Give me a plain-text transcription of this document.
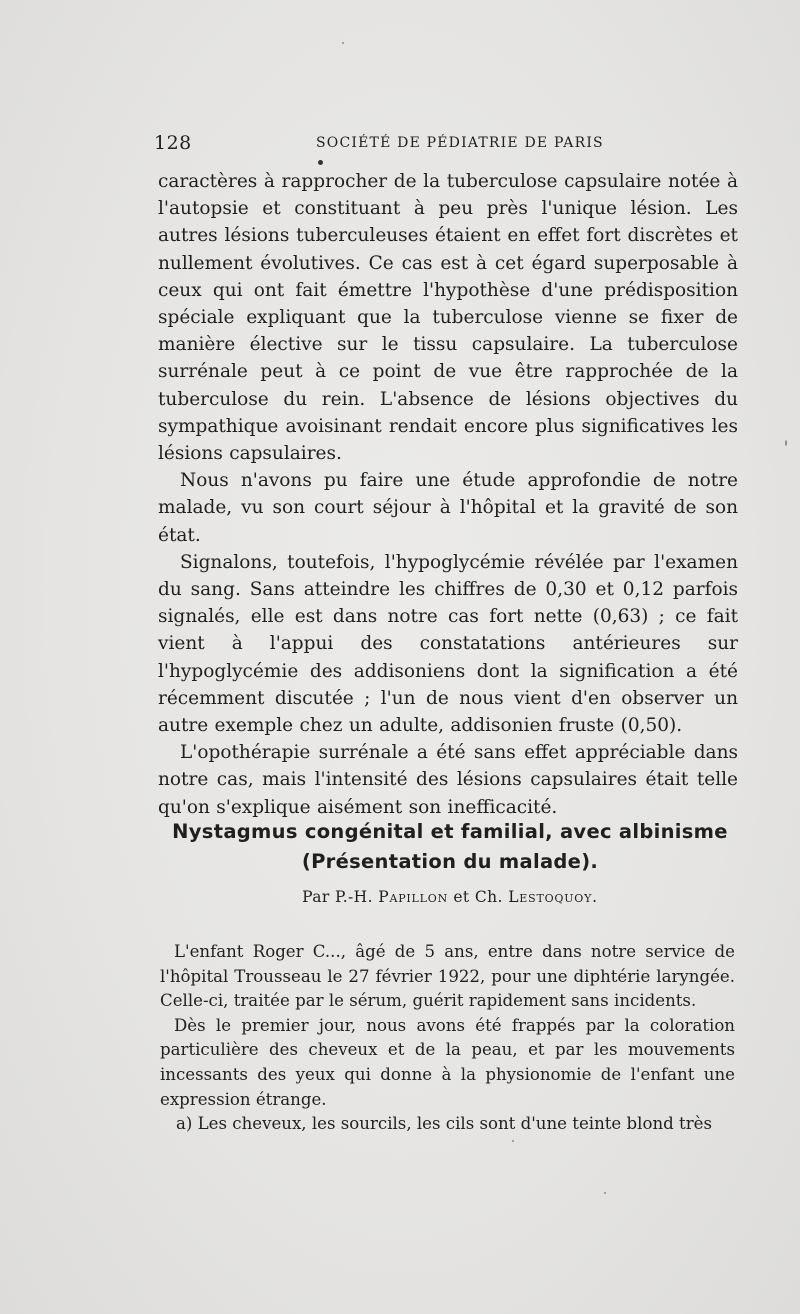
128	SOCIÉTÉ DE PÉDIATRIE DE PARIS

caractères à rapprocher de la tuberculose capsulaire notée à l'autopsie et constituant à peu près l'unique lésion. Les autres lésions tuberculeuses étaient en effet fort discrètes et nullement évolutives. Ce cas est à cet égard superposable à ceux qui ont fait émettre l'hypothèse d'une prédisposition spéciale expliquant que la tuberculose vienne se fixer de manière élective sur le tissu capsulaire. La tuberculose surrénale peut à ce point de vue être rapprochée de la tuberculose du rein. L'absence de lésions objectives du sympathique avoisinant rendait encore plus significatives les lésions capsulaires.

Nous n'avons pu faire une étude approfondie de notre malade, vu son court séjour à l'hôpital et la gravité de son état.

Signalons, toutefois, l'hypoglycémie révélée par l'examen du sang. Sans atteindre les chiffres de 0,30 et 0,12 parfois signalés, elle est dans notre cas fort nette (0,63) ; ce fait vient à l'appui des constatations antérieures sur l'hypoglycémie des addisoniens dont la signification a été récemment discutée ; l'un de nous vient d'en observer un autre exemple chez un adulte, addisonien fruste (0,50).

L'opothérapie surrénale a été sans effet appréciable dans notre cas, mais l'intensité des lésions capsulaires était telle qu'on s'explique aisément son inefficacité.

Nystagmus congénital et familial, avec albinisme
(Présentation du malade).
Par P.-H. Papillon et Ch. Lestoquoy.

L'enfant Roger C..., âgé de 5 ans, entre dans notre service de l'hôpital Trousseau le 27 février 1922, pour une diphtérie laryngée. Celle-ci, traitée par le sérum, guérit rapidement sans incidents.

Dès le premier jour, nous avons été frappés par la coloration particulière des cheveux et de la peau, et par les mouvements incessants des yeux qui donne à la physionomie de l'enfant une expression étrange.

a) Les cheveux, les sourcils, les cils sont d'une teinte blond très
